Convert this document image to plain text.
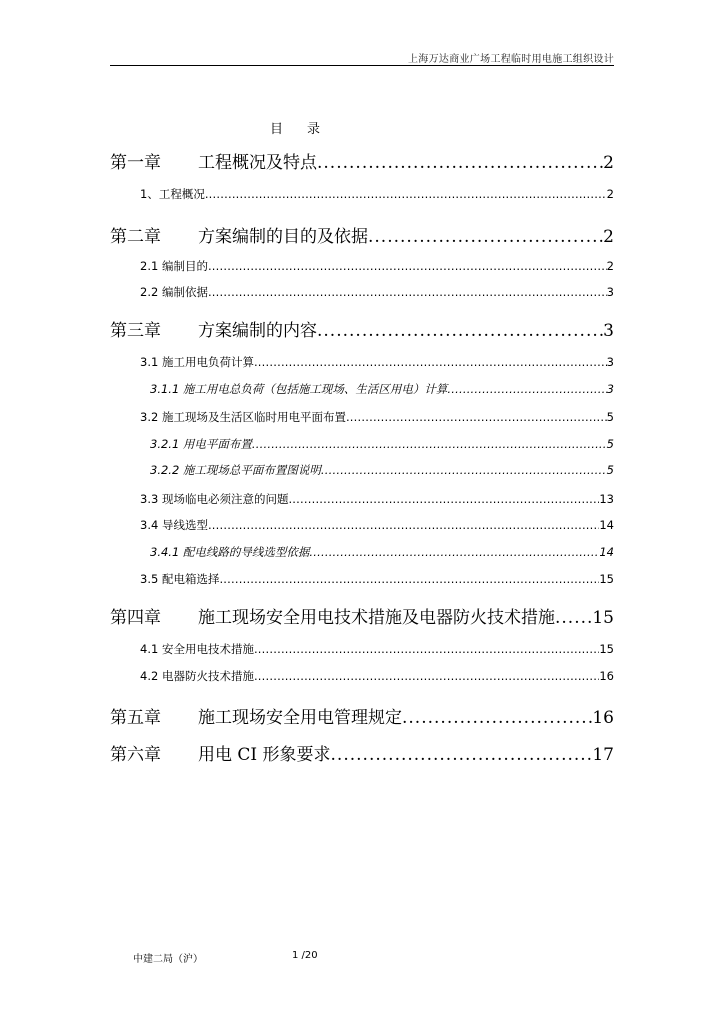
上海万达商业广场工程临时用电施工组织设计
目 录
第一章 工程概况及特点 .....	2
1、工程概况 .....	2
第二章 方案编制的目的及依据 .....	2
2.1 编制目的 .....	2
2.2 编制依据 .....	3
第三章 方案编制的内容 .....	3
3.1 施工用电负荷计算 .....	3
3.1.1 施工用电总负荷（包括施工现场、生活区用电）计算 .....	3
3.2 施工现场及生活区临时用电平面布置 .....	5
3.2.1 用电平面布置 .....	5
3.2.2 施工现场总平面布置图说明 .....	5
3.3 现场临电必须注意的问题 .....	13
3.4 导线选型 .....	14
3.4.1 配电线路的导线选型依据 .....	14
3.5 配电箱选择 .....	15
第四章 施工现场安全用电技术措施及电器防火技术措施 ..... 15
4.1 安全用电技术措施 .....	15
4.2 电器防火技术措施 .....	16
第五章 施工现场安全用电管理规定 .....	16
第六章 用电 CI 形象要求 .....	17
中建二局（沪）	1 /20
